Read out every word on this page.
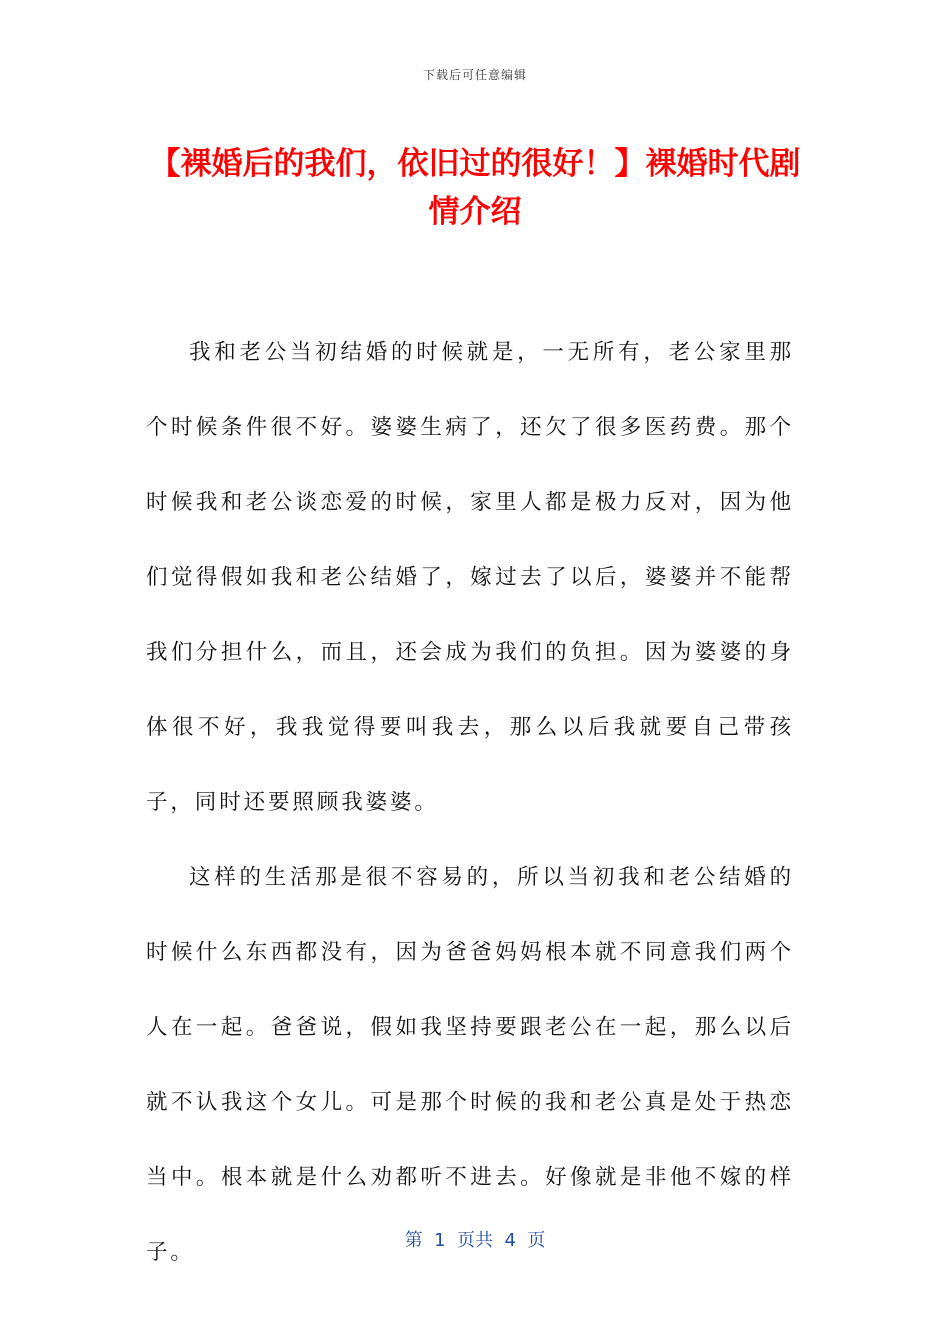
下载后可任意编辑
【裸婚后的我们，依旧过的很好！】裸婚时代剧情介绍

我和老公当初结婚的时候就是，一无所有，老公家里那个时候条件很不好。婆婆生病了，还欠了很多医药费。那个时候我和老公谈恋爱的时候，家里人都是极力反对，因为他们觉得假如我和老公结婚了，嫁过去了以后，婆婆并不能帮我们分担什么，而且，还会成为我们的负担。因为婆婆的身体很不好，我我觉得要叫我去，那么以后我就要自己带孩子，同时还要照顾我婆婆。

这样的生活那是很不容易的，所以当初我和老公结婚的时候什么东西都没有，因为爸爸妈妈根本就不同意我们两个人在一起。爸爸说，假如我坚持要跟老公在一起，那么以后就不认我这个女儿。可是那个时候的我和老公真是处于热恋当中。根本就是什么劝都听不进去。好像就是非他不嫁的样子。	第  1  页共  4  页
